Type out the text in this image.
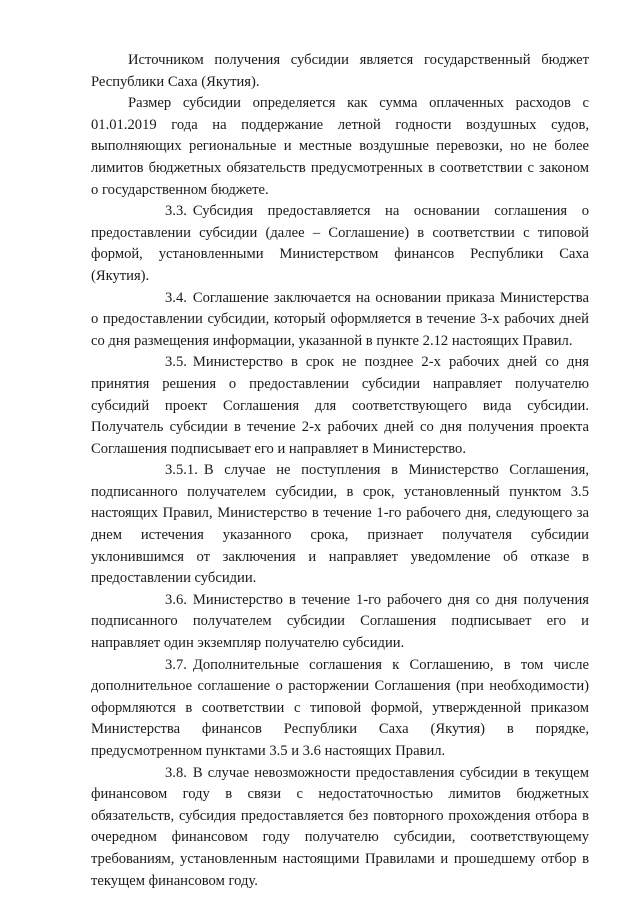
Источником получения субсидии является государственный бюджет Республики Саха (Якутия).

Размер субсидии определяется как сумма оплаченных расходов с 01.01.2019 года на поддержание летной годности воздушных судов, выполняющих региональные и местные воздушные перевозки, но не более лимитов бюджетных обязательств предусмотренных в соответствии с законом о государственном бюджете.

3.3. Субсидия предоставляется на основании соглашения о предоставлении субсидии (далее – Соглашение) в соответствии с типовой формой, установленными Министерством финансов Республики Саха (Якутия).

3.4. Соглашение заключается на основании приказа Министерства о предоставлении субсидии, который оформляется в течение 3-х рабочих дней со дня размещения информации, указанной в пункте 2.12 настоящих Правил.

3.5. Министерство в срок не позднее 2-х рабочих дней со дня принятия решения о предоставлении субсидии направляет получателю субсидий проект Соглашения для соответствующего вида субсидии. Получатель субсидии в течение 2-х рабочих дней со дня получения проекта Соглашения подписывает его и направляет в Министерство.

3.5.1. В случае не поступления в Министерство Соглашения, подписанного получателем субсидии, в срок, установленный пунктом 3.5 настоящих Правил, Министерство в течение 1-го рабочего дня, следующего за днем истечения указанного срока, признает получателя субсидии уклонившимся от заключения и направляет уведомление об отказе в предоставлении субсидии.

3.6. Министерство в течение 1-го рабочего дня со дня получения подписанного получателем субсидии Соглашения подписывает его и направляет один экземпляр получателю субсидии.

3.7. Дополнительные соглашения к Соглашению, в том числе дополнительное соглашение о расторжении Соглашения (при необходимости) оформляются в соответствии с типовой формой, утвержденной приказом Министерства финансов Республики Саха (Якутия) в порядке, предусмотренном пунктами 3.5 и 3.6 настоящих Правил.

3.8. В случае невозможности предоставления субсидии в текущем финансовом году в связи с недостаточностью лимитов бюджетных обязательств, субсидия предоставляется без повторного прохождения отбора в очередном финансовом году получателю субсидии, соответствующему требованиям, установленным настоящими Правилами и прошедшему отбор в текущем финансовом году.
